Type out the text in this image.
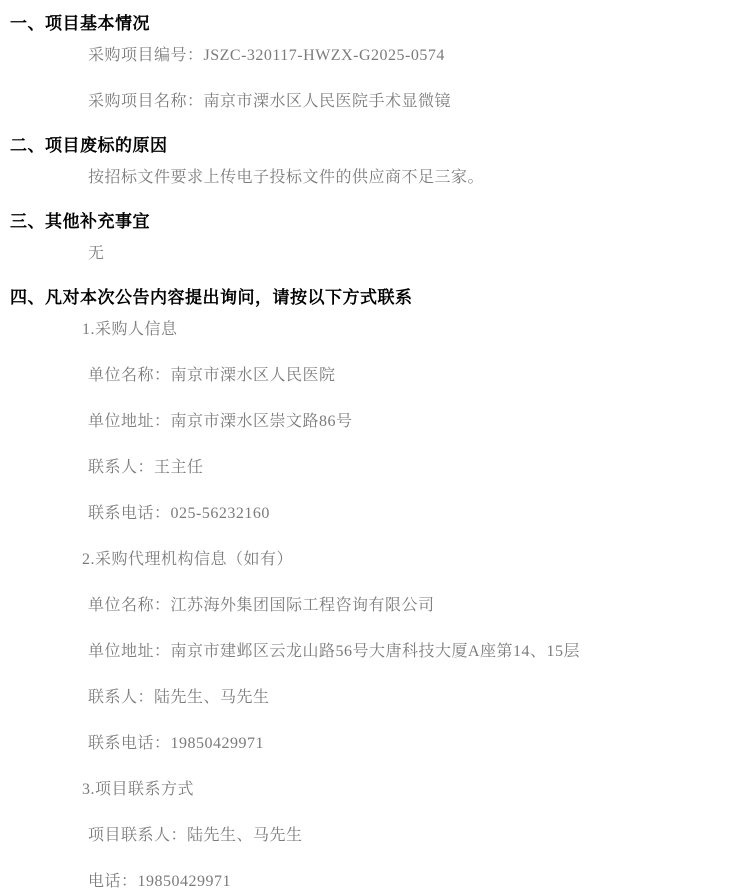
一、项目基本情况

采购项目编号：JSZC-320117-HWZX-G2025-0574

采购项目名称：南京市溧水区人民医院手术显微镜

二、项目废标的原因

按招标文件要求上传电子投标文件的供应商不足三家。

三、其他补充事宜

无

四、凡对本次公告内容提出询问，请按以下方式联系

1.采购人信息

单位名称：南京市溧水区人民医院

单位地址：南京市溧水区崇文路86号

联系人：王主任

联系电话：025-56232160

2.采购代理机构信息（如有）

单位名称：江苏海外集团国际工程咨询有限公司

单位地址：南京市建邺区云龙山路56号大唐科技大厦A座第14、15层

联系人：陆先生、马先生

联系电话：19850429971

3.项目联系方式

项目联系人：陆先生、马先生

电话：19850429971
